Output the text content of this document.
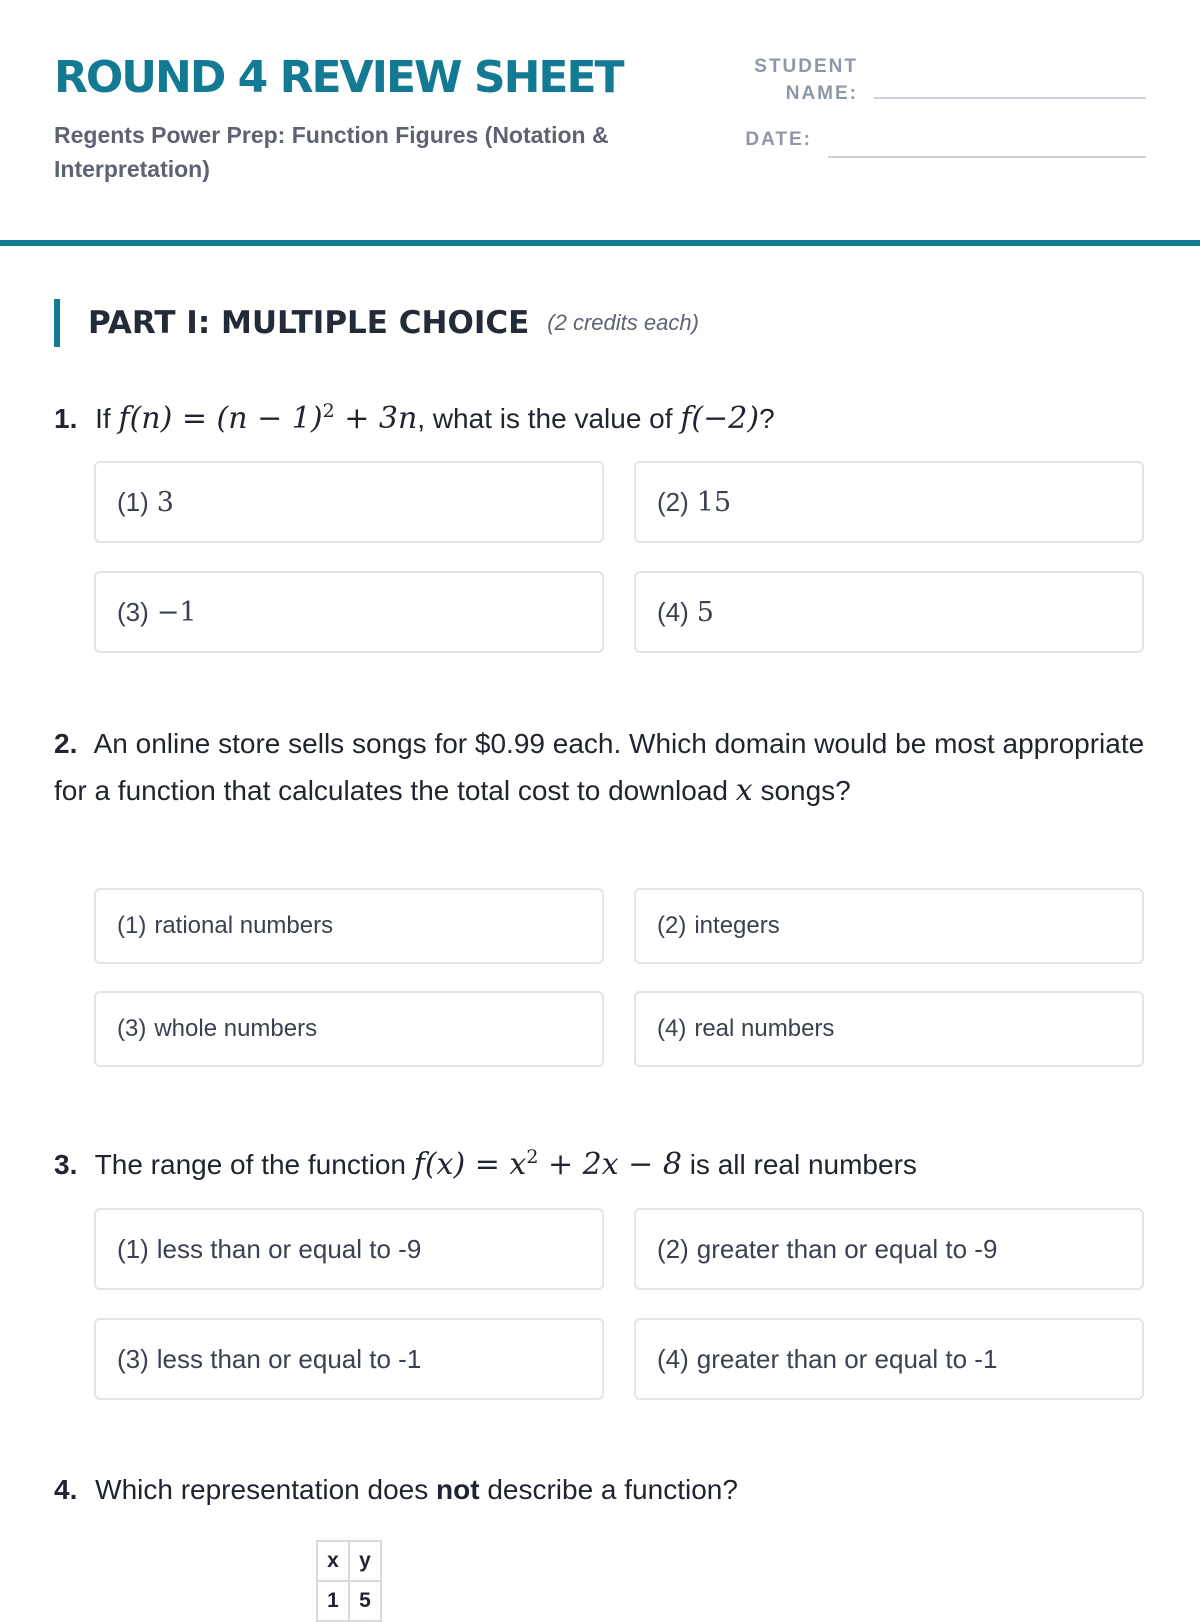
ROUND 4 REVIEW SHEET

Regents Power Prep: Function Figures (Notation & Interpretation)

STUDENT
NAME:
DATE:
PART I: MULTIPLE CHOICE (2 credits each)

1. If $f(n) = (n - 1)^2 + 3n$, what is the value of f(−2)?

(1) 3	(2) 15
(3) −1	(4) 5

2. An online store sells songs for $0.99 each. Which domain would be most appropriate for a function that calculates the total cost to download x songs?

(1) rational numbers	(2) integers
(3) whole numbers	(4) real numbers

3. The range of the function $f(x) = x^2 + 2x - 8$ is all real numbers

(1) less than or equal to -9	(2) greater than or equal to -9
(3) less than or equal to -1	(4) greater than or equal to -1

4. Which representation does not describe a function?

x	y
1	5
